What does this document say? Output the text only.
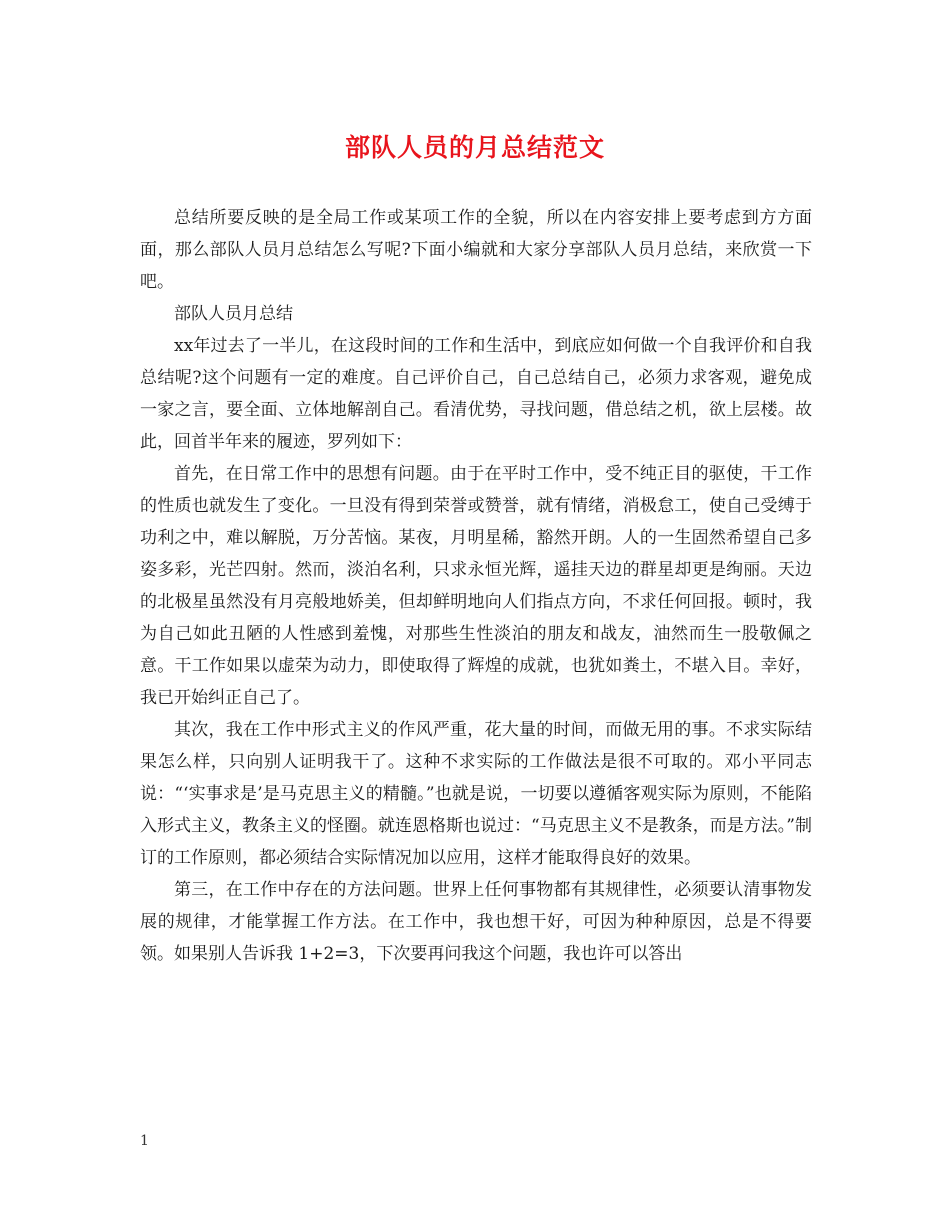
部队人员的月总结范文

总结所要反映的是全局工作或某项工作的全貌，所以在内容安排上要考虑到方方面面，那么部队人员月总结怎么写呢?下面小编就和大家分享部队人员月总结，来欣赏一下吧。

部队人员月总结

xx年过去了一半儿，在这段时间的工作和生活中，到底应如何做一个自我评价和自我总结呢?这个问题有一定的难度。自己评价自己，自己总结自己，必须力求客观，避免成一家之言，要全面、立体地解剖自己。看清优势，寻找问题，借总结之机，欲上层楼。故此，回首半年来的履迹，罗列如下：

首先，在日常工作中的思想有问题。由于在平时工作中，受不纯正目的驱使，干工作的性质也就发生了变化。一旦没有得到荣誉或赞誉，就有情绪，消极怠工，使自己受缚于功利之中，难以解脱，万分苦恼。某夜，月明星稀，豁然开朗。人的一生固然希望自己多姿多彩，光芒四射。然而，淡泊名利，只求永恒光辉，遥挂天边的群星却更是绚丽。天边的北极星虽然没有月亮般地娇美，但却鲜明地向人们指点方向，不求任何回报。顿时，我为自己如此丑陋的人性感到羞愧，对那些生性淡泊的朋友和战友，油然而生一股敬佩之意。干工作如果以虚荣为动力，即使取得了辉煌的成就，也犹如粪土，不堪入目。幸好，我已开始纠正自己了。

其次，我在工作中形式主义的作风严重，花大量的时间，而做无用的事。不求实际结果怎么样，只向别人证明我干了。这种不求实际的工作做法是很不可取的。邓小平同志说：“‘实事求是’是马克思主义的精髓。”也就是说，一切要以遵循客观实际为原则，不能陷入形式主义，教条主义的怪圈。就连恩格斯也说过：“马克思主义不是教条，而是方法。”制订的工作原则，都必须结合实际情况加以应用，这样才能取得良好的效果。

第三，在工作中存在的方法问题。世界上任何事物都有其规律性，必须要认清事物发展的规律，才能掌握工作方法。在工作中，我也想干好，可因为种种原因，总是不得要领。如果别人告诉我 1+2=3，下次要再问我这个问题，我也许可以答出

1
